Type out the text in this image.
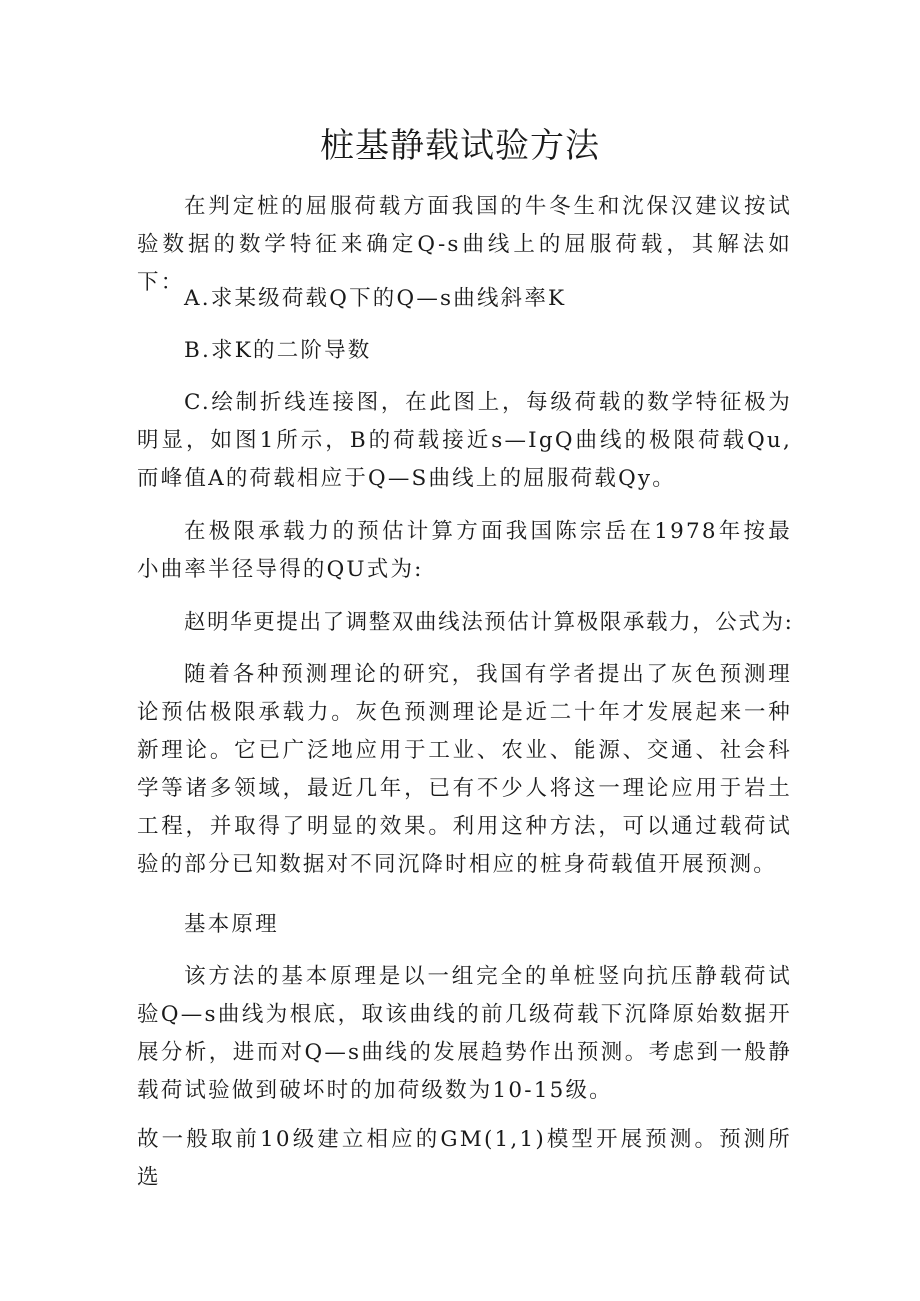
桩基静载试验方法

在判定桩的屈服荷载方面我国的牛冬生和沈保汉建议按试验数据的数学特征来确定Q-s曲线上的屈服荷载，其解法如下：

A.求某级荷载Q下的Q—s曲线斜率K

B.求K的二阶导数

C.绘制折线连接图，在此图上，每级荷载的数学特征极为明显，如图1所示，B的荷载接近s—IgQ曲线的极限荷载Qu,而峰值A的荷载相应于Q—S曲线上的屈服荷载Qy。

在极限承载力的预估计算方面我国陈宗岳在1978年按最小曲率半径导得的QU式为:

赵明华更提出了调整双曲线法预估计算极限承载力，公式为:

随着各种预测理论的研究，我国有学者提出了灰色预测理论预估极限承载力。灰色预测理论是近二十年才发展起来一种新理论。它已广泛地应用于工业、农业、能源、交通、社会科学等诸多领域，最近几年，已有不少人将这一理论应用于岩土工程，并取得了明显的效果。利用这种方法，可以通过载荷试验的部分已知数据对不同沉降时相应的桩身荷载值开展预测。

基本原理

该方法的基本原理是以一组完全的单桩竖向抗压静载荷试验Q—s曲线为根底，取该曲线的前几级荷载下沉降原始数据开展分析，进而对Q—s曲线的发展趋势作出预测。考虑到一般静载荷试验做到破坏时的加荷级数为10-15级。

故一般取前10级建立相应的GM(1,1)模型开展预测。预测所选
